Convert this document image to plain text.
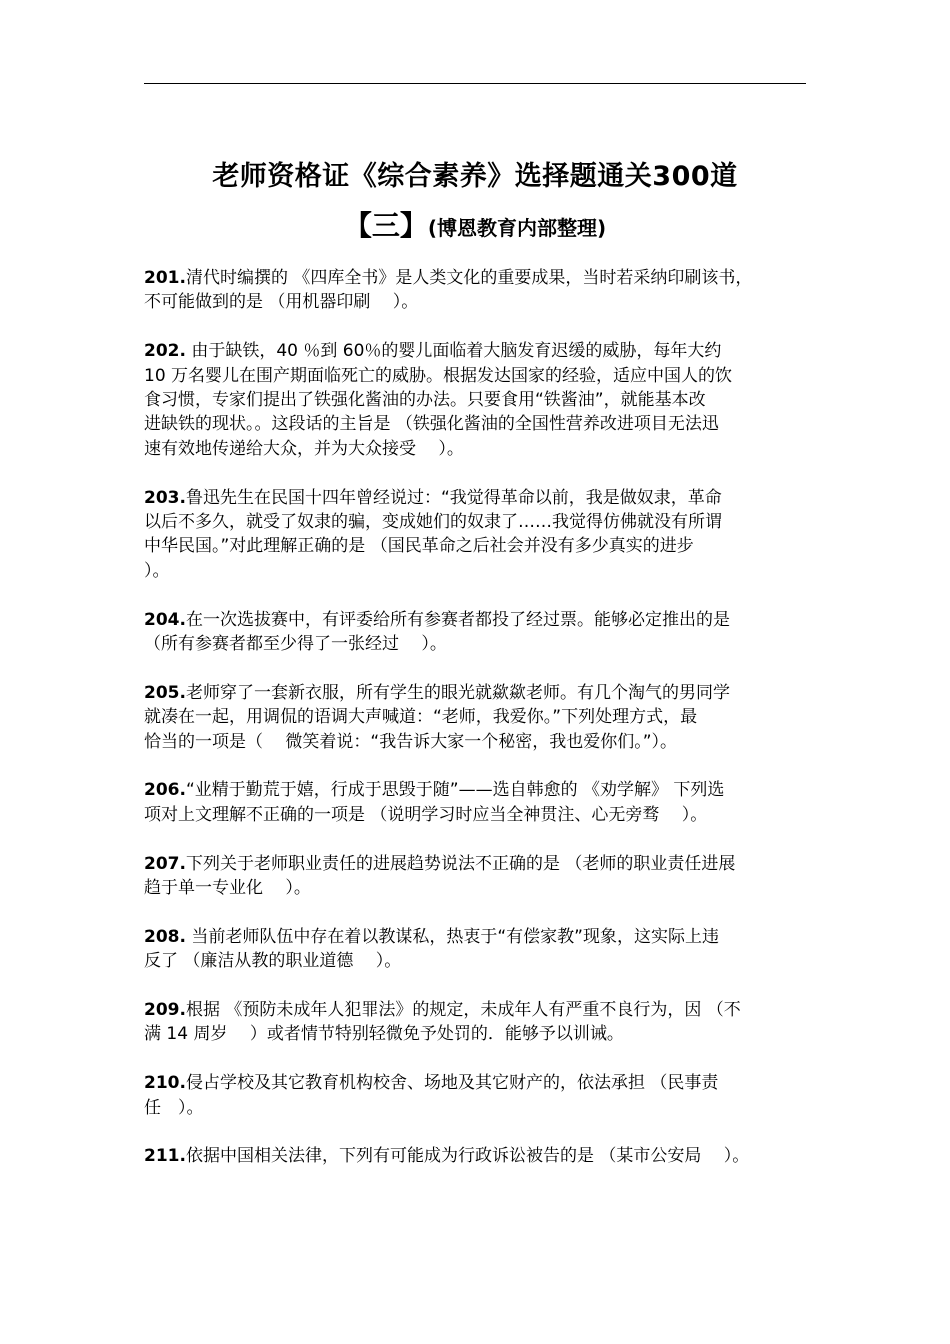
老师资格证《综合素养》选择题通关300道
【三】(博恩教育内部整理)
201.清代时编撰的 《四库全书》是人类文化的重要成果，当时若采纳印刷该书，
不可能做到的是 （用机器印刷　 ）。
202. 由于缺铁，40 ％到 60％的婴儿面临着大脑发育迟缓的威胁，每年大约
10 万名婴儿在围产期面临死亡的威胁。根据发达国家的经验，适应中国人的饮
食习惯，专家们提出了铁强化酱油的办法。只要食用“铁酱油”，就能基本改
进缺铁的现状。。这段话的主旨是 （铁强化酱油的全国性营养改进项目无法迅
速有效地传递给大众，并为大众接受　 ）。
203.鲁迅先生在民国十四年曾经说过：“我觉得革命以前，我是做奴隶，革命
以后不多久，就受了奴隶的骗，变成她们的奴隶了……我觉得仿佛就没有所谓
中华民国。”对此理解正确的是 （国民革命之后社会并没有多少真实的进步
）。
204.在一次选拔赛中，有评委给所有参赛者都投了经过票。能够必定推出的是
（所有参赛者都至少得了一张经过　 ）。
205.老师穿了一套新衣服，所有学生的眼光就歘歘老师。有几个淘气的男同学
就凑在一起，用调侃的语调大声喊道：“老师，我爱你。”下列处理方式，最
恰当的一项是（　 微笑着说：“我告诉大家一个秘密，我也爱你们。”）。
206.“业精于勤荒于嬉，行成于思毁于随”——选自韩愈的 《劝学解》 下列选
项对上文理解不正确的一项是 （说明学习时应当全神贯注、心无旁骛　 ）。
207.下列关于老师职业责任的进展趋势说法不正确的是 （老师的职业责任进展
趋于单一专业化　 ）。
208. 当前老师队伍中存在着以教谋私，热衷于“有偿家教”现象，这实际上违
反了 （廉洁从教的职业道德　 ）。
209.根据 《预防未成年人犯罪法》的规定，未成年人有严重不良行为，因 （不
满 14 周岁　 ）或者情节特别轻微免予处罚的．能够予以训诫。
210.侵占学校及其它教育机构校舍、场地及其它财产的，依法承担 （民事责
任　）。
211.依据中国相关法律，下列有可能成为行政诉讼被告的是 （某市公安局　 ）。
